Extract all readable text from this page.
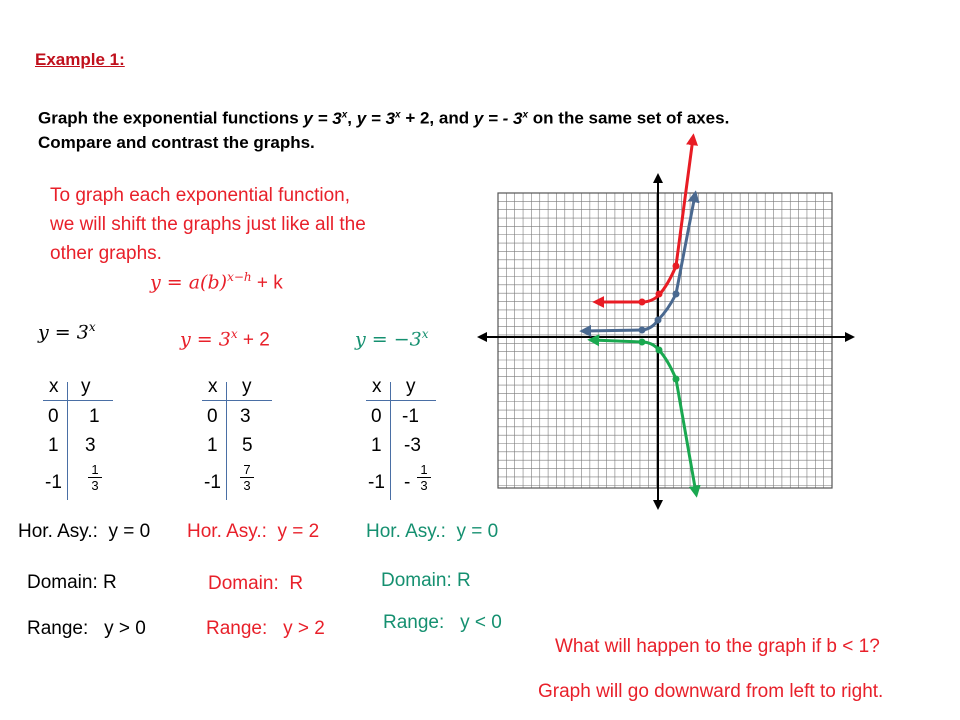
Example 1:
Graph the exponential functions $y = 3^x$, $y = 3^x + 2$, and y = - 3$^x$ on the same set of axes.
Compare and contrast the graphs.
To graph each exponential function,
we will shift the graphs just like all the
other graphs.
$y = a(b)^{x-h} + k$
$y = 3^x$
$y = 3^x + 2$	$y = -3^x$
x y
0 1
1 3
$-1 \frac{1}{3}$
x y
0 3
1 5
$-1 \frac{7}{3}$
x y
0 -1
1 -3
$-1 - \frac{1}{3}$
Hor. Asy.: y = 0
Domain: R
Range: y > 0
Hor. Asy.: y = 2
Domain: R
Range: y > 2
Hor. Asy.: y = 0
Domain: R
Range: y < 0
What will happen to the graph if b < 1?
Graph will go downward from left to right.
